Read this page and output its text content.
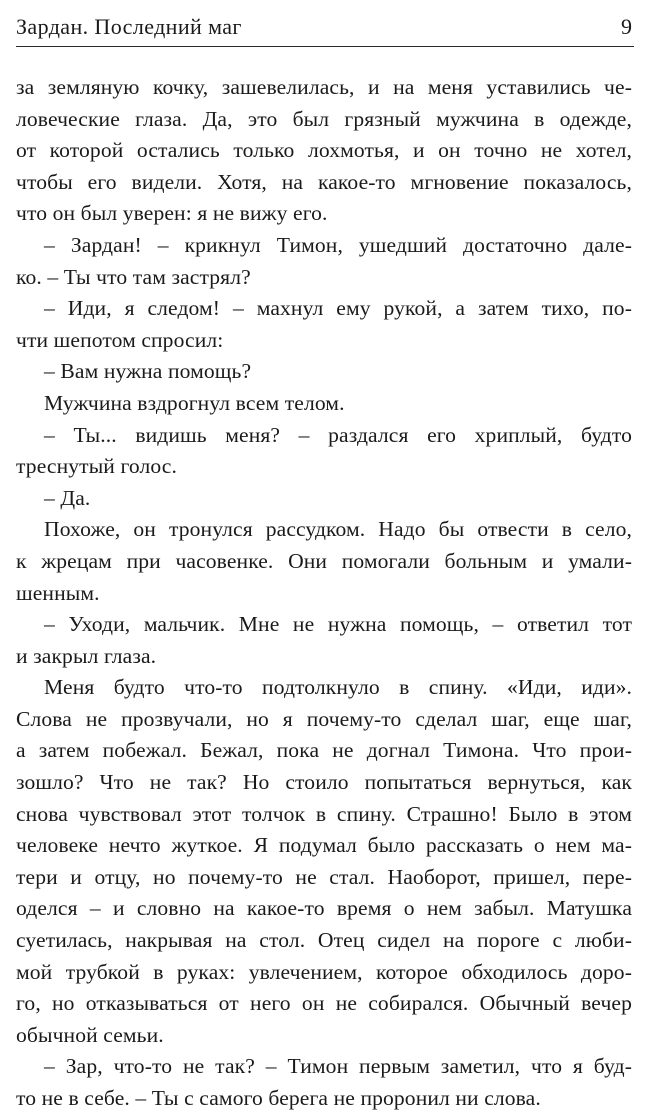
Зардан. Последний маг	9
за земляную кочку, зашевелилась, и на меня уставились че-
ловеческие глаза. Да, это был грязный мужчина в одежде,
от которой остались только лохмотья, и он точно не хотел,
чтобы его видели. Хотя, на какое-то мгновение показалось,
что он был уверен: я не вижу его.
– Зардан! – крикнул Тимон, ушедший достаточно дале-
ко. – Ты что там застрял?
– Иди, я следом! – махнул ему рукой, а затем тихо, по-
чти шепотом спросил:
– Вам нужна помощь?
Мужчина вздрогнул всем телом.
– Ты... видишь меня? – раздался его хриплый, будто
треснутый голос.
– Да.
Похоже, он тронулся рассудком. Надо бы отвести в село,
к жрецам при часовенке. Они помогали больным и умали-
шенным.
– Уходи, мальчик. Мне не нужна помощь, – ответил тот
и закрыл глаза.
Меня будто что-то подтолкнуло в спину. «Иди, иди».
Слова не прозвучали, но я почему-то сделал шаг, еще шаг,
а затем побежал. Бежал, пока не догнал Тимона. Что прои-
зошло? Что не так? Но стоило попытаться вернуться, как
снова чувствовал этот толчок в спину. Страшно! Было в этом
человеке нечто жуткое. Я подумал было рассказать о нем ма-
тери и отцу, но почему-то не стал. Наоборот, пришел, пере-
оделся – и словно на какое-то время о нем забыл. Матушка
суетилась, накрывая на стол. Отец сидел на пороге с люби-
мой трубкой в руках: увлечением, которое обходилось доро-
го, но отказываться от него он не собирался. Обычный вечер
обычной семьи.
– Зар, что-то не так? – Тимон первым заметил, что я буд-
то не в себе. – Ты с самого берега не проронил ни слова.
